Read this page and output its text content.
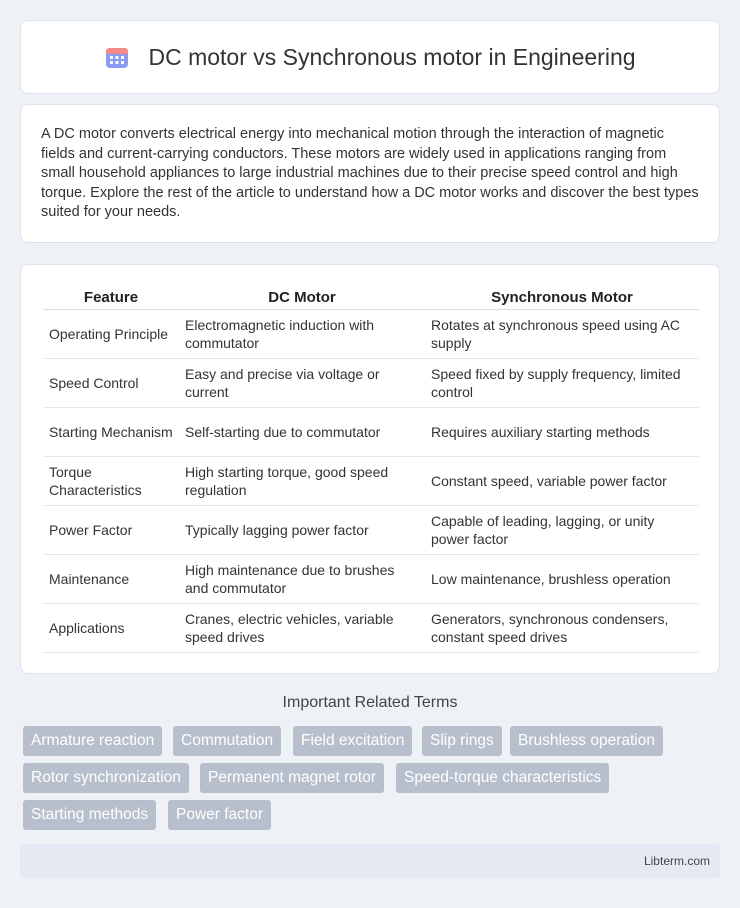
DC motor vs Synchronous motor in Engineering

A DC motor converts electrical energy into mechanical motion through the interaction of magnetic fields and current-carrying conductors. These motors are widely used in applications ranging from small household appliances to large industrial machines due to their precise speed control and high torque. Explore the rest of the article to understand how a DC motor works and discover the best types suited for your needs.

Feature	DC Motor	Synchronous Motor
Operating Principle	Electromagnetic induction with commutator	Rotates at synchronous speed using AC supply
Speed Control	Easy and precise via voltage or current	Speed fixed by supply frequency, limited control
Starting Mechanism	Self-starting due to commutator	Requires auxiliary starting methods
Torque Characteristics	High starting torque, good speed regulation	Constant speed, variable power factor
Power Factor	Typically lagging power factor	Capable of leading, lagging, or unity power factor
Maintenance	High maintenance due to brushes and commutator	Low maintenance, brushless operation
Applications	Cranes, electric vehicles, variable speed drives	Generators, synchronous condensers, constant speed drives
Important Related Terms
Armature reaction	Commutation	Field excitation	Slip rings	Brushless operation
Rotor synchronization	Permanent magnet rotor	Speed-torque characteristics
Starting methods	Power factor
Libterm.com
